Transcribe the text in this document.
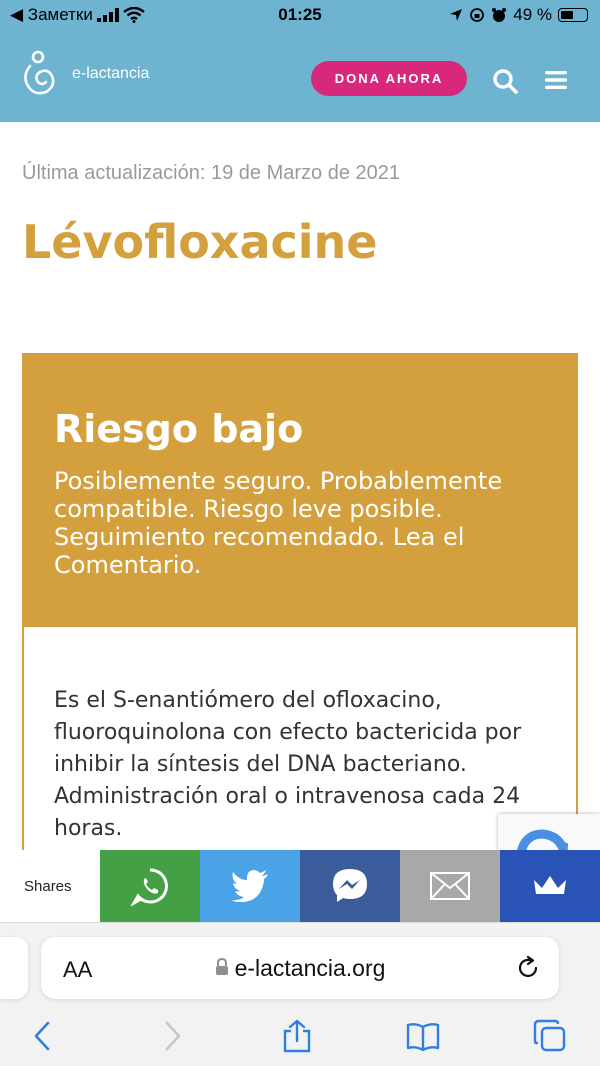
◀ Заметки	01:25	49 %
e-lactancia	DONA AHORA
Última actualización: 19 de Marzo de 2021
Lévofloxacine
Riesgo bajo
Posiblemente seguro. Probablemente compatible. Riesgo leve posible. Seguimiento recomendado. Lea el Comentario.

Es el S-enantiómero del ofloxacino, fluoroquinolona con efecto bactericida por inhibir la síntesis del DNA bacteriano. Administración oral o intravenosa cada 24 horas.

Shares
AA	e-lactancia.org
